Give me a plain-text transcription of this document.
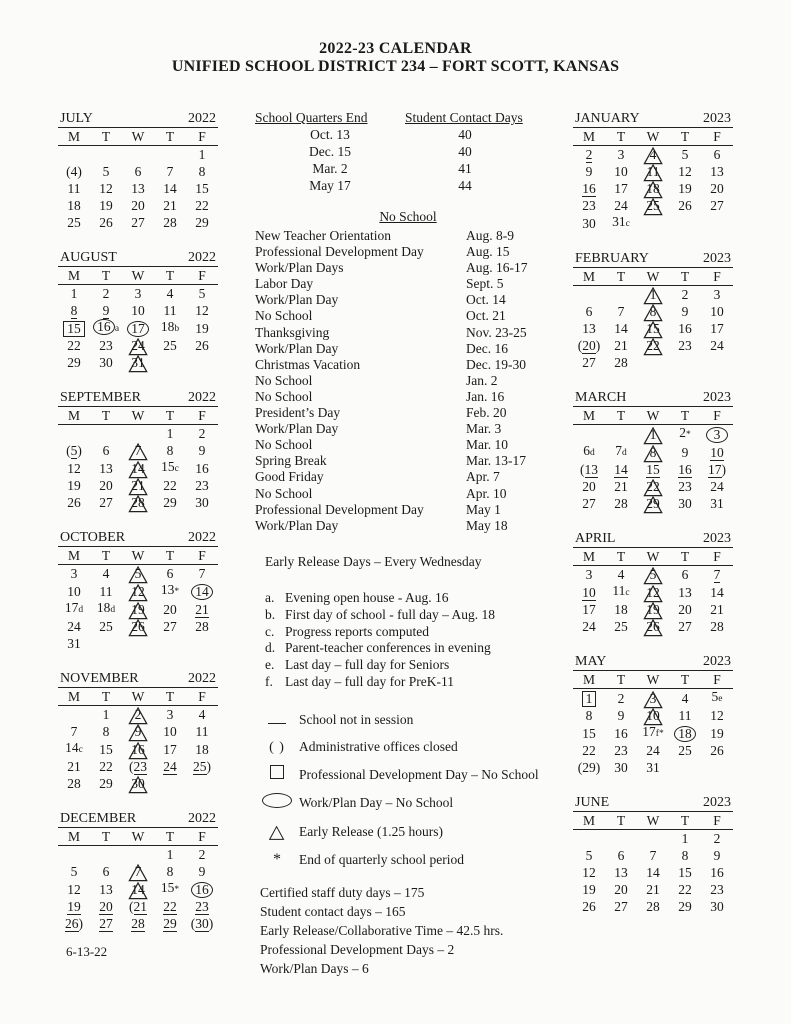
2022-23 CALENDAR
UNIFIED SCHOOL DISTRICT 234 – FORT SCOTT, KANSAS
JULY	2022
M	T	W	T	F
				1
(4)	5	6	7	8
11	12	13	14	15
18	19	20	21	22
25	26	27	28	29
AUGUST	2022
M	T	W	T	F
1	2	3	4	5
8	9	10	11	12
15	16 a	17	18b	19
22	23	△ 24	25	26
29	30	△ 31		
SEPTEMBER	2022
M	T	W	T	F
			1	2
(5)	6	△ 7	8	9
12	13	△ 14	15c	16
19	20	△ 21	22	23
26	27	△ 28	29	30
OCTOBER	2022
M	T	W	T	F
3	4	△ 5	6	7
10	11	△ 12	13*	14
17d	18d	△ 19	20	21
24	25	△ 26	27	28
31				
NOVEMBER	2022
M	T	W	T	F
	1	△ 2	3	4
7	8	△ 9	10	11
14c	15	△ 16	17	18
21	22	(23	24	25)
28	29	△ 30		
DECEMBER	2022
M	T	W	T	F
			1	2
5	6	△ 7	8	9
12	13	△ 14	15*	16
19	20	(21	22	23
26)	27	28	29	(30)
School Quarters End	Student Contact Days
Oct. 13	40
Dec. 15	40
Mar. 2	41
May 17	44
No School
New Teacher Orientation	Aug. 8-9
Professional Development Day	Aug. 15
Work/Plan Days	Aug. 16-17
Labor Day	Sept. 5
Work/Plan Day	Oct. 14
No School	Oct. 21
Thanksgiving	Nov. 23-25
Work/Plan Day	Dec. 16
Christmas Vacation	Dec. 19-30
No School	Jan. 2
No School	Jan. 16
President’s Day	Feb. 20
Work/Plan Day	Mar. 3
No School	Mar. 10
Spring Break	Mar. 13-17
Good Friday	Apr. 7
No School	Apr. 10
Professional Development Day	May 1
Work/Plan Day	May 18
Early Release Days – Every Wednesday
a. Evening open house - Aug. 16
b. First day of school - full day – Aug. 18
c. Progress reports computed
d. Parent-teacher conferences in evening
e. Last day – full day for Seniors
f. Last day – full day for PreK-11
School not in session
( )	Administrative offices closed
Professional Development Day – No School
Work/Plan Day – No School
△	Early Release (1.25 hours)
*	End of quarterly school period
Certified staff duty days – 175
Student contact days – 165
Early Release/Collaborative Time – 42.5 hrs.
Professional Development Days – 2
Work/Plan Days – 6
JANUARY	2023
M	T	W	T	F
2	3	△ 4	5	6
9	10	△ 11	12	13
16	17	△ 18	19	20
23	24	△ 25	26	27
30	31c			
FEBRUARY	2023
M	T	W	T	F
		△ 1	2	3
6	7	△ 8	9	10
13	14	△ 15	16	17
(20)	21	△ 22	23	24
27	28			
MARCH	2023
M	T	W	T	F
		△ 1	2*	3
6d	7d	△ 8	9	10
(13	14	15	16	17)
20	21	△ 22	23	24
27	28	△ 29	30	31
APRIL	2023
M	T	W	T	F
3	4	△ 5	6	7
10	11c	△ 12	13	14
17	18	△ 19	20	21
24	25	△ 26	27	28
MAY	2023
M	T	W	T	F
1	2	△ 3	4	5e
8	9	△ 10	11	12
15	16	17f*	18	19
22	23	24	25	26
(29)	30	31		
JUNE	2023
M	T	W	T	F
			1	2
5	6	7	8	9
12	13	14	15	16
19	20	21	22	23
26	27	28	29	30
6-13-22
